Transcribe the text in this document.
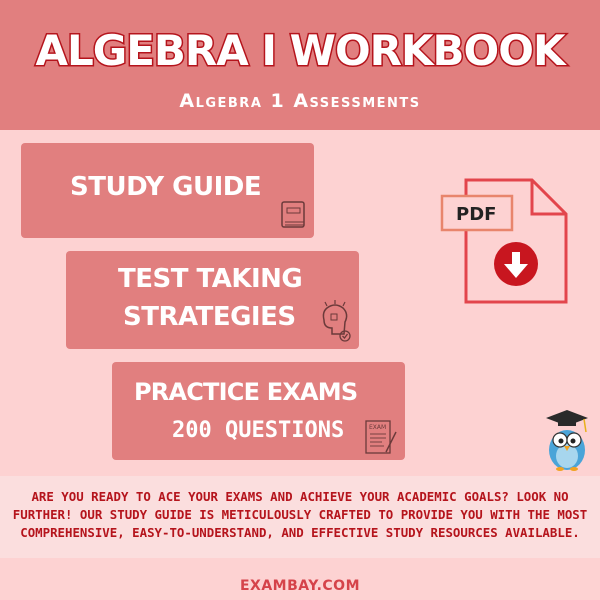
ALGEBRA I WORKBOOK
Algebra 1 Assessments
STUDY GUIDE
TEST TAKING
STRATEGIES
PRACTICE EXAMS
200 QUESTIONS	EXAM
PDF
ARE YOU READY TO ACE YOUR EXAMS AND ACHIEVE YOUR ACADEMIC GOALS? LOOK NO FURTHER! OUR STUDY GUIDE IS METICULOUSLY CRAFTED TO PROVIDE YOU WITH THE MOST COMPREHENSIVE, EASY-TO-UNDERSTAND, AND EFFECTIVE STUDY RESOURCES AVAILABLE.
EXAMBAY.COM
